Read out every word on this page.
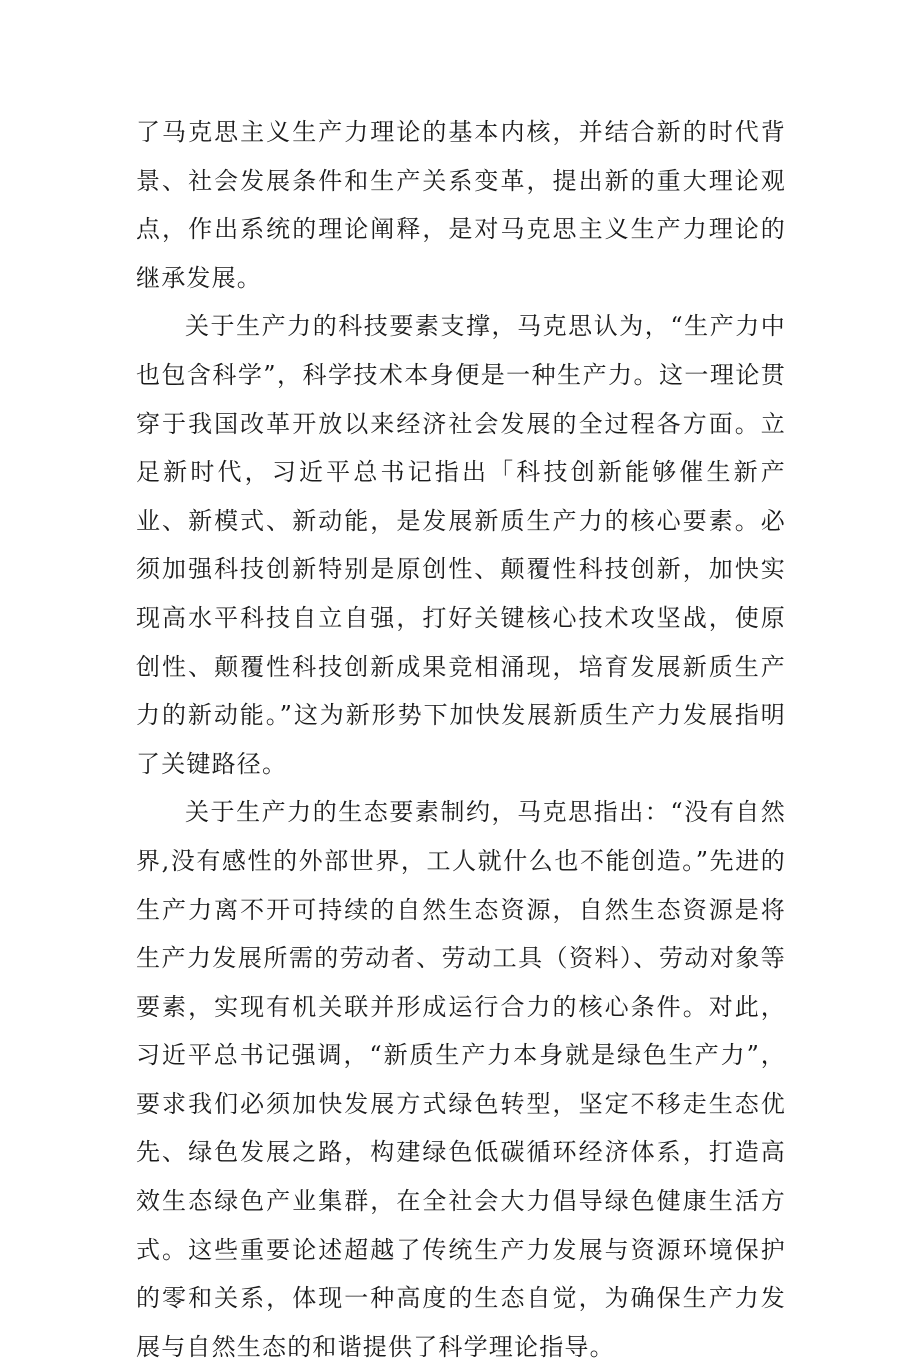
了马克思主义生产力理论的基本内核，并结合新的时代背景、社会发展条件和生产关系变革，提出新的重大理论观点，作出系统的理论阐释，是对马克思主义生产力理论的继承发展。

关于生产力的科技要素支撑，马克思认为，“生产力中也包含科学”，科学技术本身便是一种生产力。这一理论贯穿于我国改革开放以来经济社会发展的全过程各方面。立足新时代，习近平总书记指出「科技创新能够催生新产业、新模式、新动能，是发展新质生产力的核心要素。必须加强科技创新特别是原创性、颠覆性科技创新，加快实现高水平科技自立自强，打好关键核心技术攻坚战，使原创性、颠覆性科技创新成果竞相涌现，培育发展新质生产力的新动能。”这为新形势下加快发展新质生产力发展指明了关键路径。

关于生产力的生态要素制约，马克思指出：“没有自然界,没有感性的外部世界，工人就什么也不能创造。”先进的生产力离不开可持续的自然生态资源，自然生态资源是将生产力发展所需的劳动者、劳动工具（资料）、劳动对象等要素，实现有机关联并形成运行合力的核心条件。对此，习近平总书记强调，“新质生产力本身就是绿色生产力”，要求我们必须加快发展方式绿色转型，坚定不移走生态优先、绿色发展之路，构建绿色低碳循环经济体系，打造高效生态绿色产业集群，在全社会大力倡导绿色健康生活方式。这些重要论述超越了传统生产力发展与资源环境保护的零和关系，体现一种高度的生态自觉，为确保生产力发展与自然生态的和谐提供了科学理论指导。
